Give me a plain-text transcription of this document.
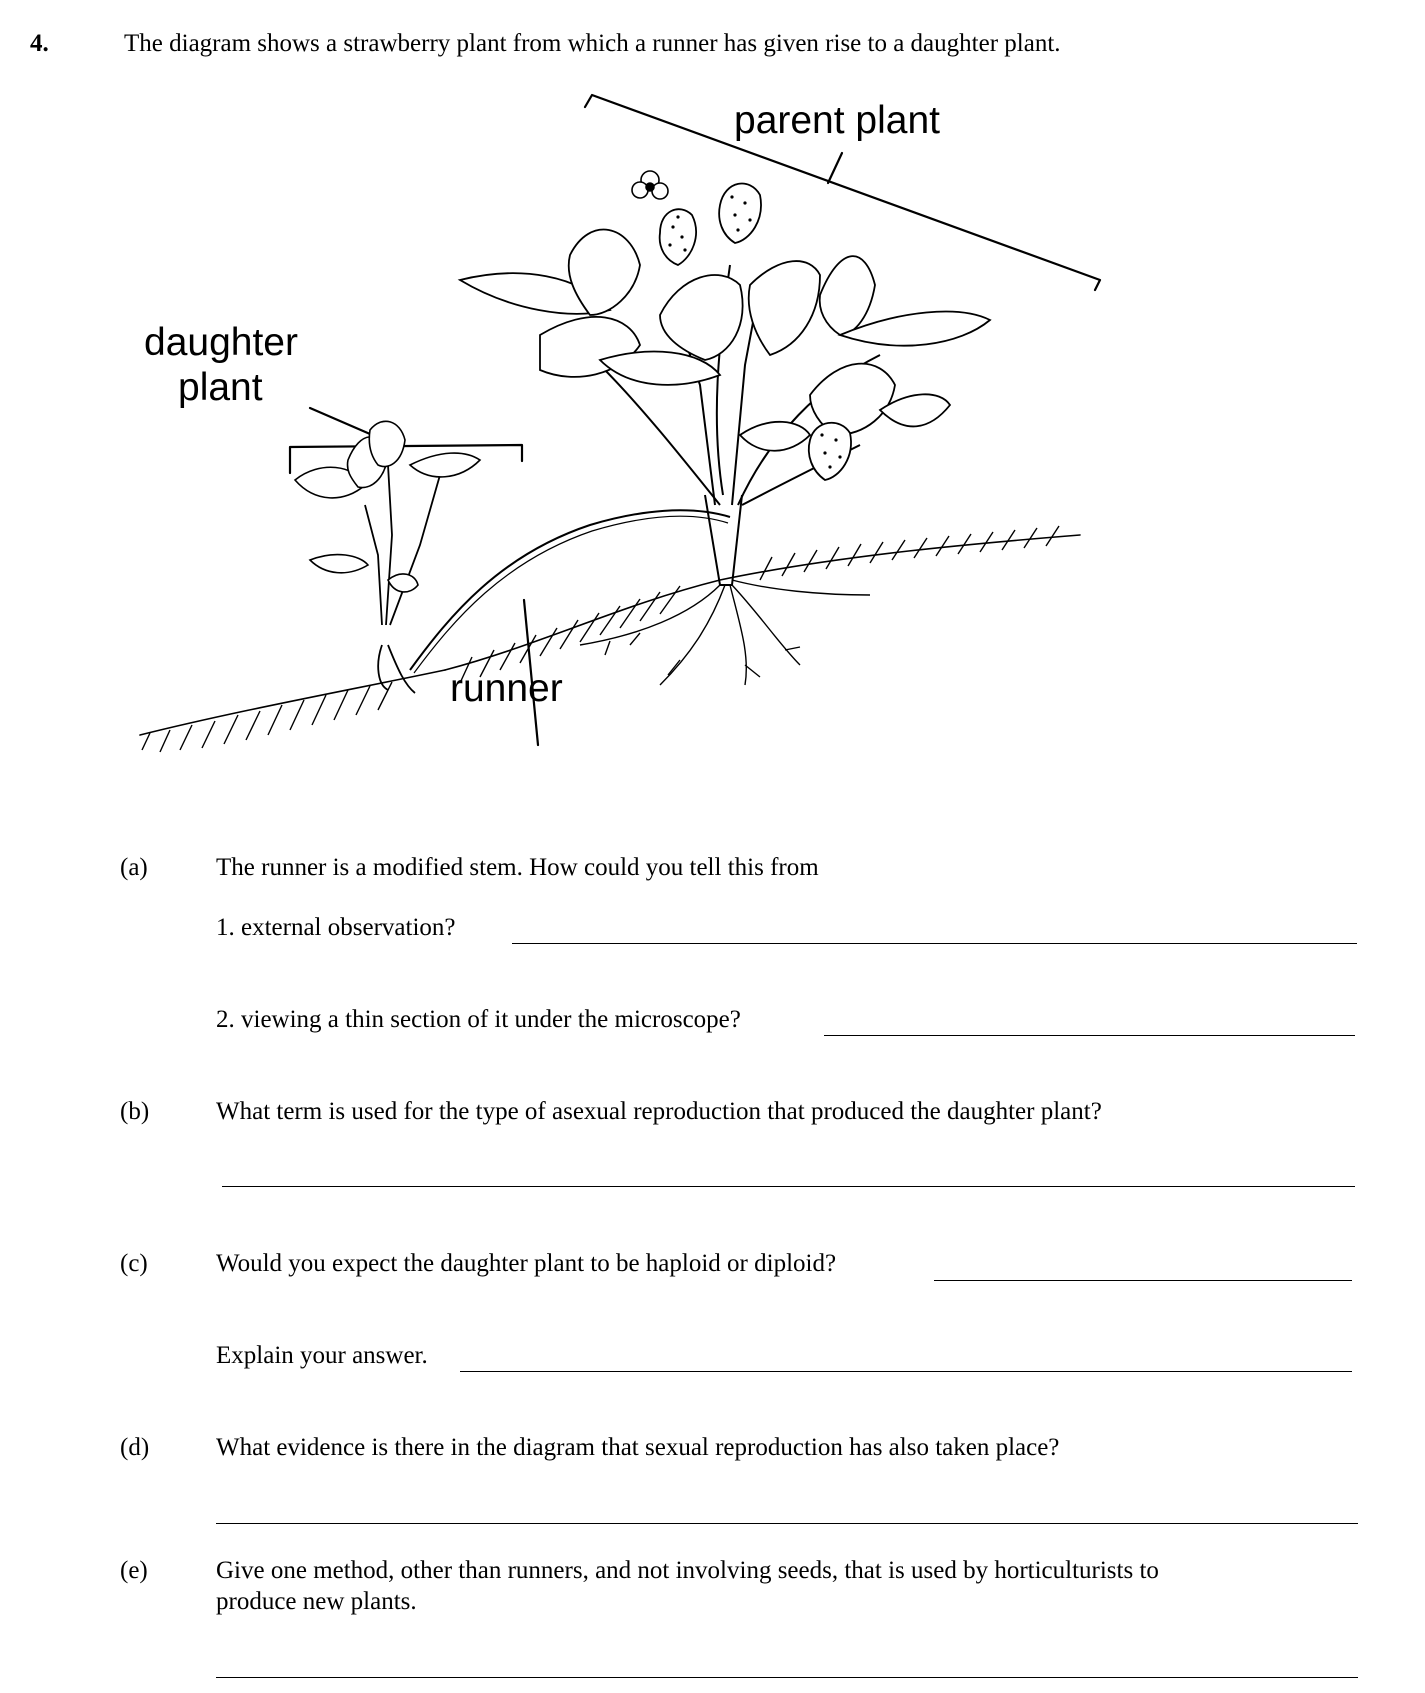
4.	The diagram shows a strawberry plant from which a runner has given rise to a daughter plant.
parent plant
daughter
plant
runner
(a)	The runner is a modified stem. How could you tell this from
1. external observation?
2. viewing a thin section of it under the microscope?
(b)	What term is used for the type of asexual reproduction that produced the daughter plant?
(c)	Would you expect the daughter plant to be haploid or diploid?
Explain your answer.
(d)	What evidence is there in the diagram that sexual reproduction has also taken place?
(e)	Give one method, other than runners, and not involving seeds, that is used by horticulturists to
produce new plants.
